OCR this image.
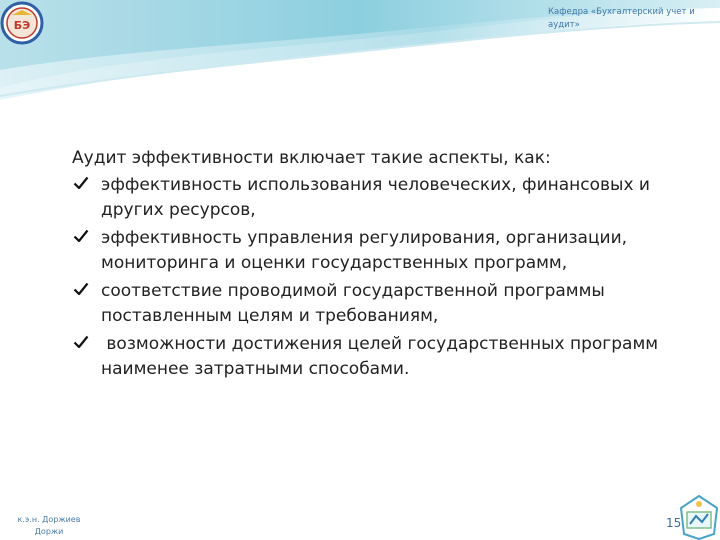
БЭ
Кафедра «Бухгалтерский учет и аудит»

Аудит эффективности включает такие аспекты, как:

эффективность использования человеческих, финансовых и других ресурсов,
эффективность управления регулирования, организации, мониторинга и оценки государственных программ,
соответствие проводимой государственной программы поставленным целям и требованиям,
возможности достижения целей государственных программ наименее затратными способами.
к.э.н. Доржиев Доржи
15
